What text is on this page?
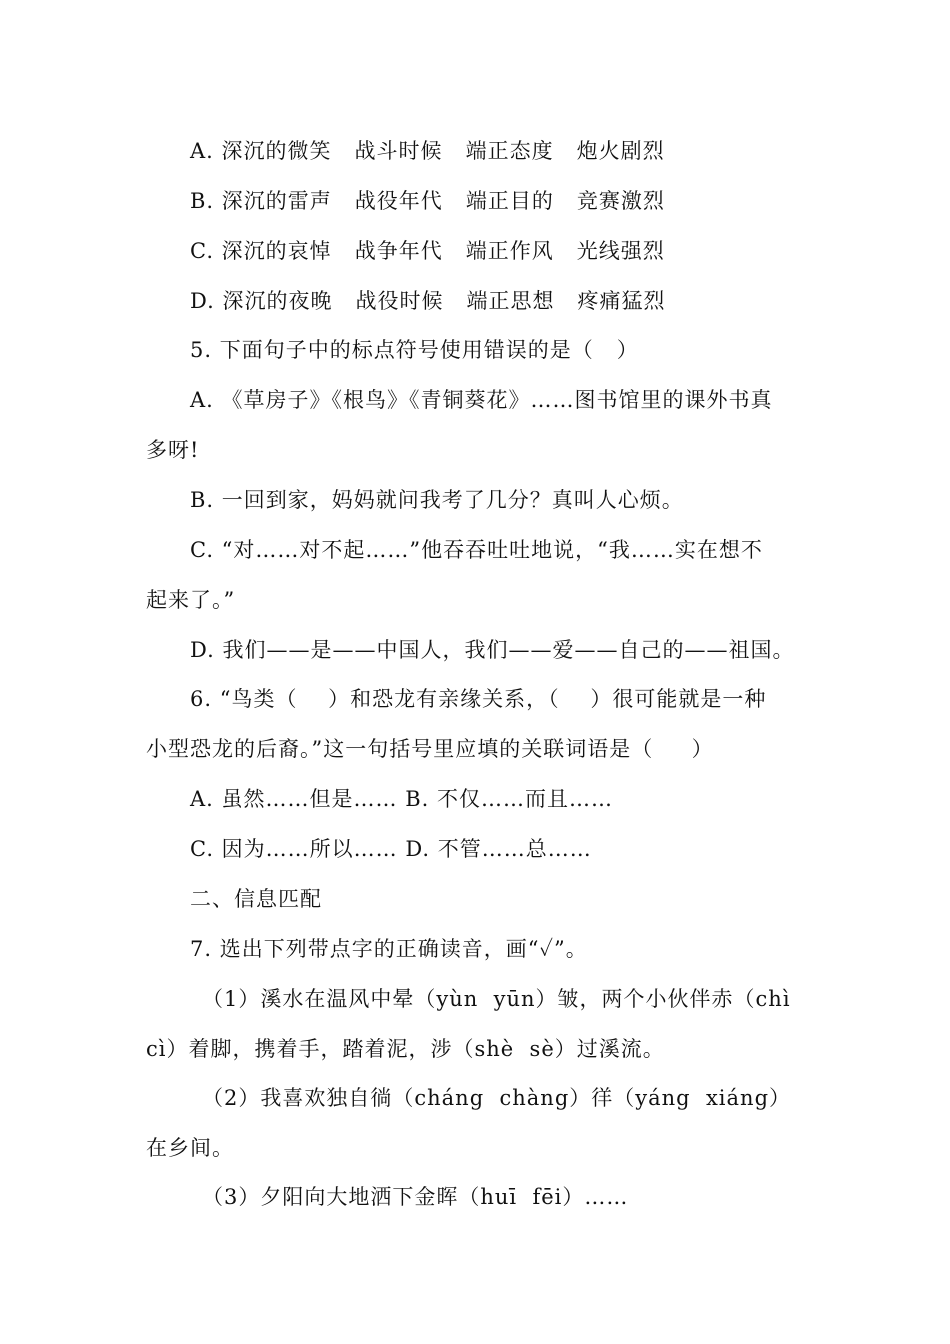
A. 深沉的微笑   战斗时候   端正态度   炮火剧烈
B. 深沉的雷声   战役年代   端正目的   竞赛激烈
C. 深沉的哀悼   战争年代   端正作风   光线强烈
D. 深沉的夜晚   战役时候   端正思想   疼痛猛烈
5. 下面句子中的标点符号使用错误的是（   ）
A. 《草房子》《根鸟》《青铜葵花》……图书馆里的课外书真
多呀!
B. 一回到家，妈妈就问我考了几分？真叫人心烦。
C. “对……对不起……”他吞吞吐吐地说，“我……实在想不
起来了。”
D. 我们——是——中国人，我们——爱——自己的——祖国。
6. “鸟类（    ）和恐龙有亲缘关系，（    ）很可能就是一种
小型恐龙的后裔。”这一句括号里应填的关联词语是（     ）
A. 虽然……但是…… B. 不仅……而且……
C. 因为……所以…… D. 不管……总……
二、信息匹配
7. 选出下列带点字的正确读音，画“✓”。
（1）溪水在温风中晕（yùn  yūn）皱，两个小伙伴赤（chì
cì）着脚，携着手，踏着泥，涉（shè  sè）过溪流。
（2）我喜欢独自徜（cháng  chàng）徉（yáng  xiáng）
在乡间。
（3）夕阳向大地洒下金晖（huī  fēi）……
